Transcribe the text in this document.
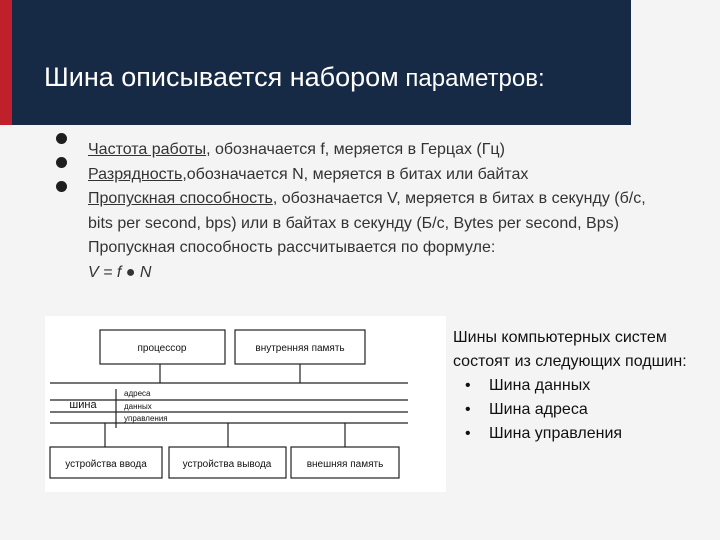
Шина описывается набором параметров:
Частота работы, обозначается f, меряется в Герцах (Гц)
Разрядность,обозначается N, меряется в битах или байтах
Пропускная способность, обозначается V, меряется в битах в секунду (б/с, bits per second, bps) или в байтах в секунду (Б/с, Bytes per second, Bps)
Пропускная способность рассчитывается по формуле:
V = f ● N
процессор	внутренняя память
шина
адреса
данных
управления
устройства ввода	устройства вывода	внешняя память
Шины компьютерных систем состоят из следующих подшин:
• Шина данных
• Шина адреса
• Шина управления
